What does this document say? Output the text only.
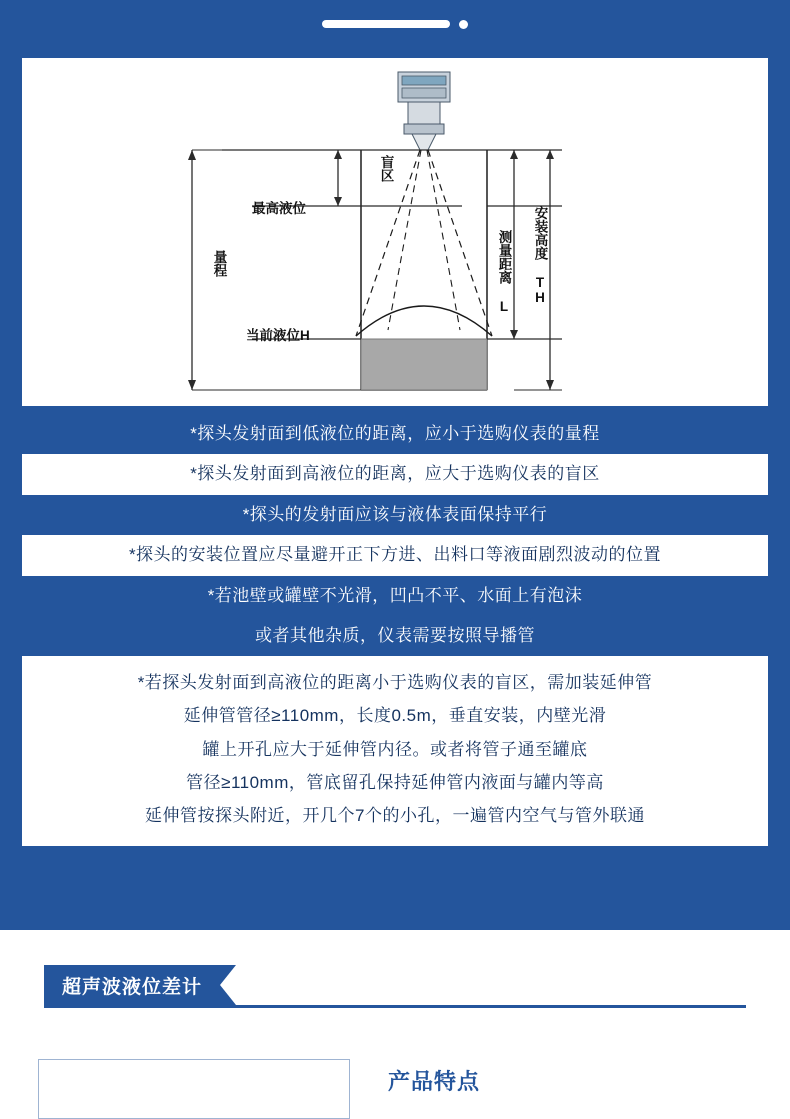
盲区
最高液位
量程
当前液位H
测量距离 L 安装高度 TH
*探头发射面到低液位的距离，应小于选购仪表的量程
*探头发射面到高液位的距离，应大于选购仪表的盲区
*探头的发射面应该与液体表面保持平行
*探头的安装位置应尽量避开正下方进、出料口等液面剧烈波动的位置
*若池壁或罐壁不光滑，凹凸不平、水面上有泡沫
或者其他杂质，仪表需要按照导播管
*若探头发射面到高液位的距离小于选购仪表的盲区，需加装延伸管
延伸管管径≥110mm，长度0.5m，垂直安装，内壁光滑
罐上开孔应大于延伸管内径。或者将管子通至罐底
管径≥110mm，管底留孔保持延伸管内液面与罐内等高
延伸管按探头附近，开几个7个的小孔，一遍管内空气与管外联通
超声波液位差计
产品特点
